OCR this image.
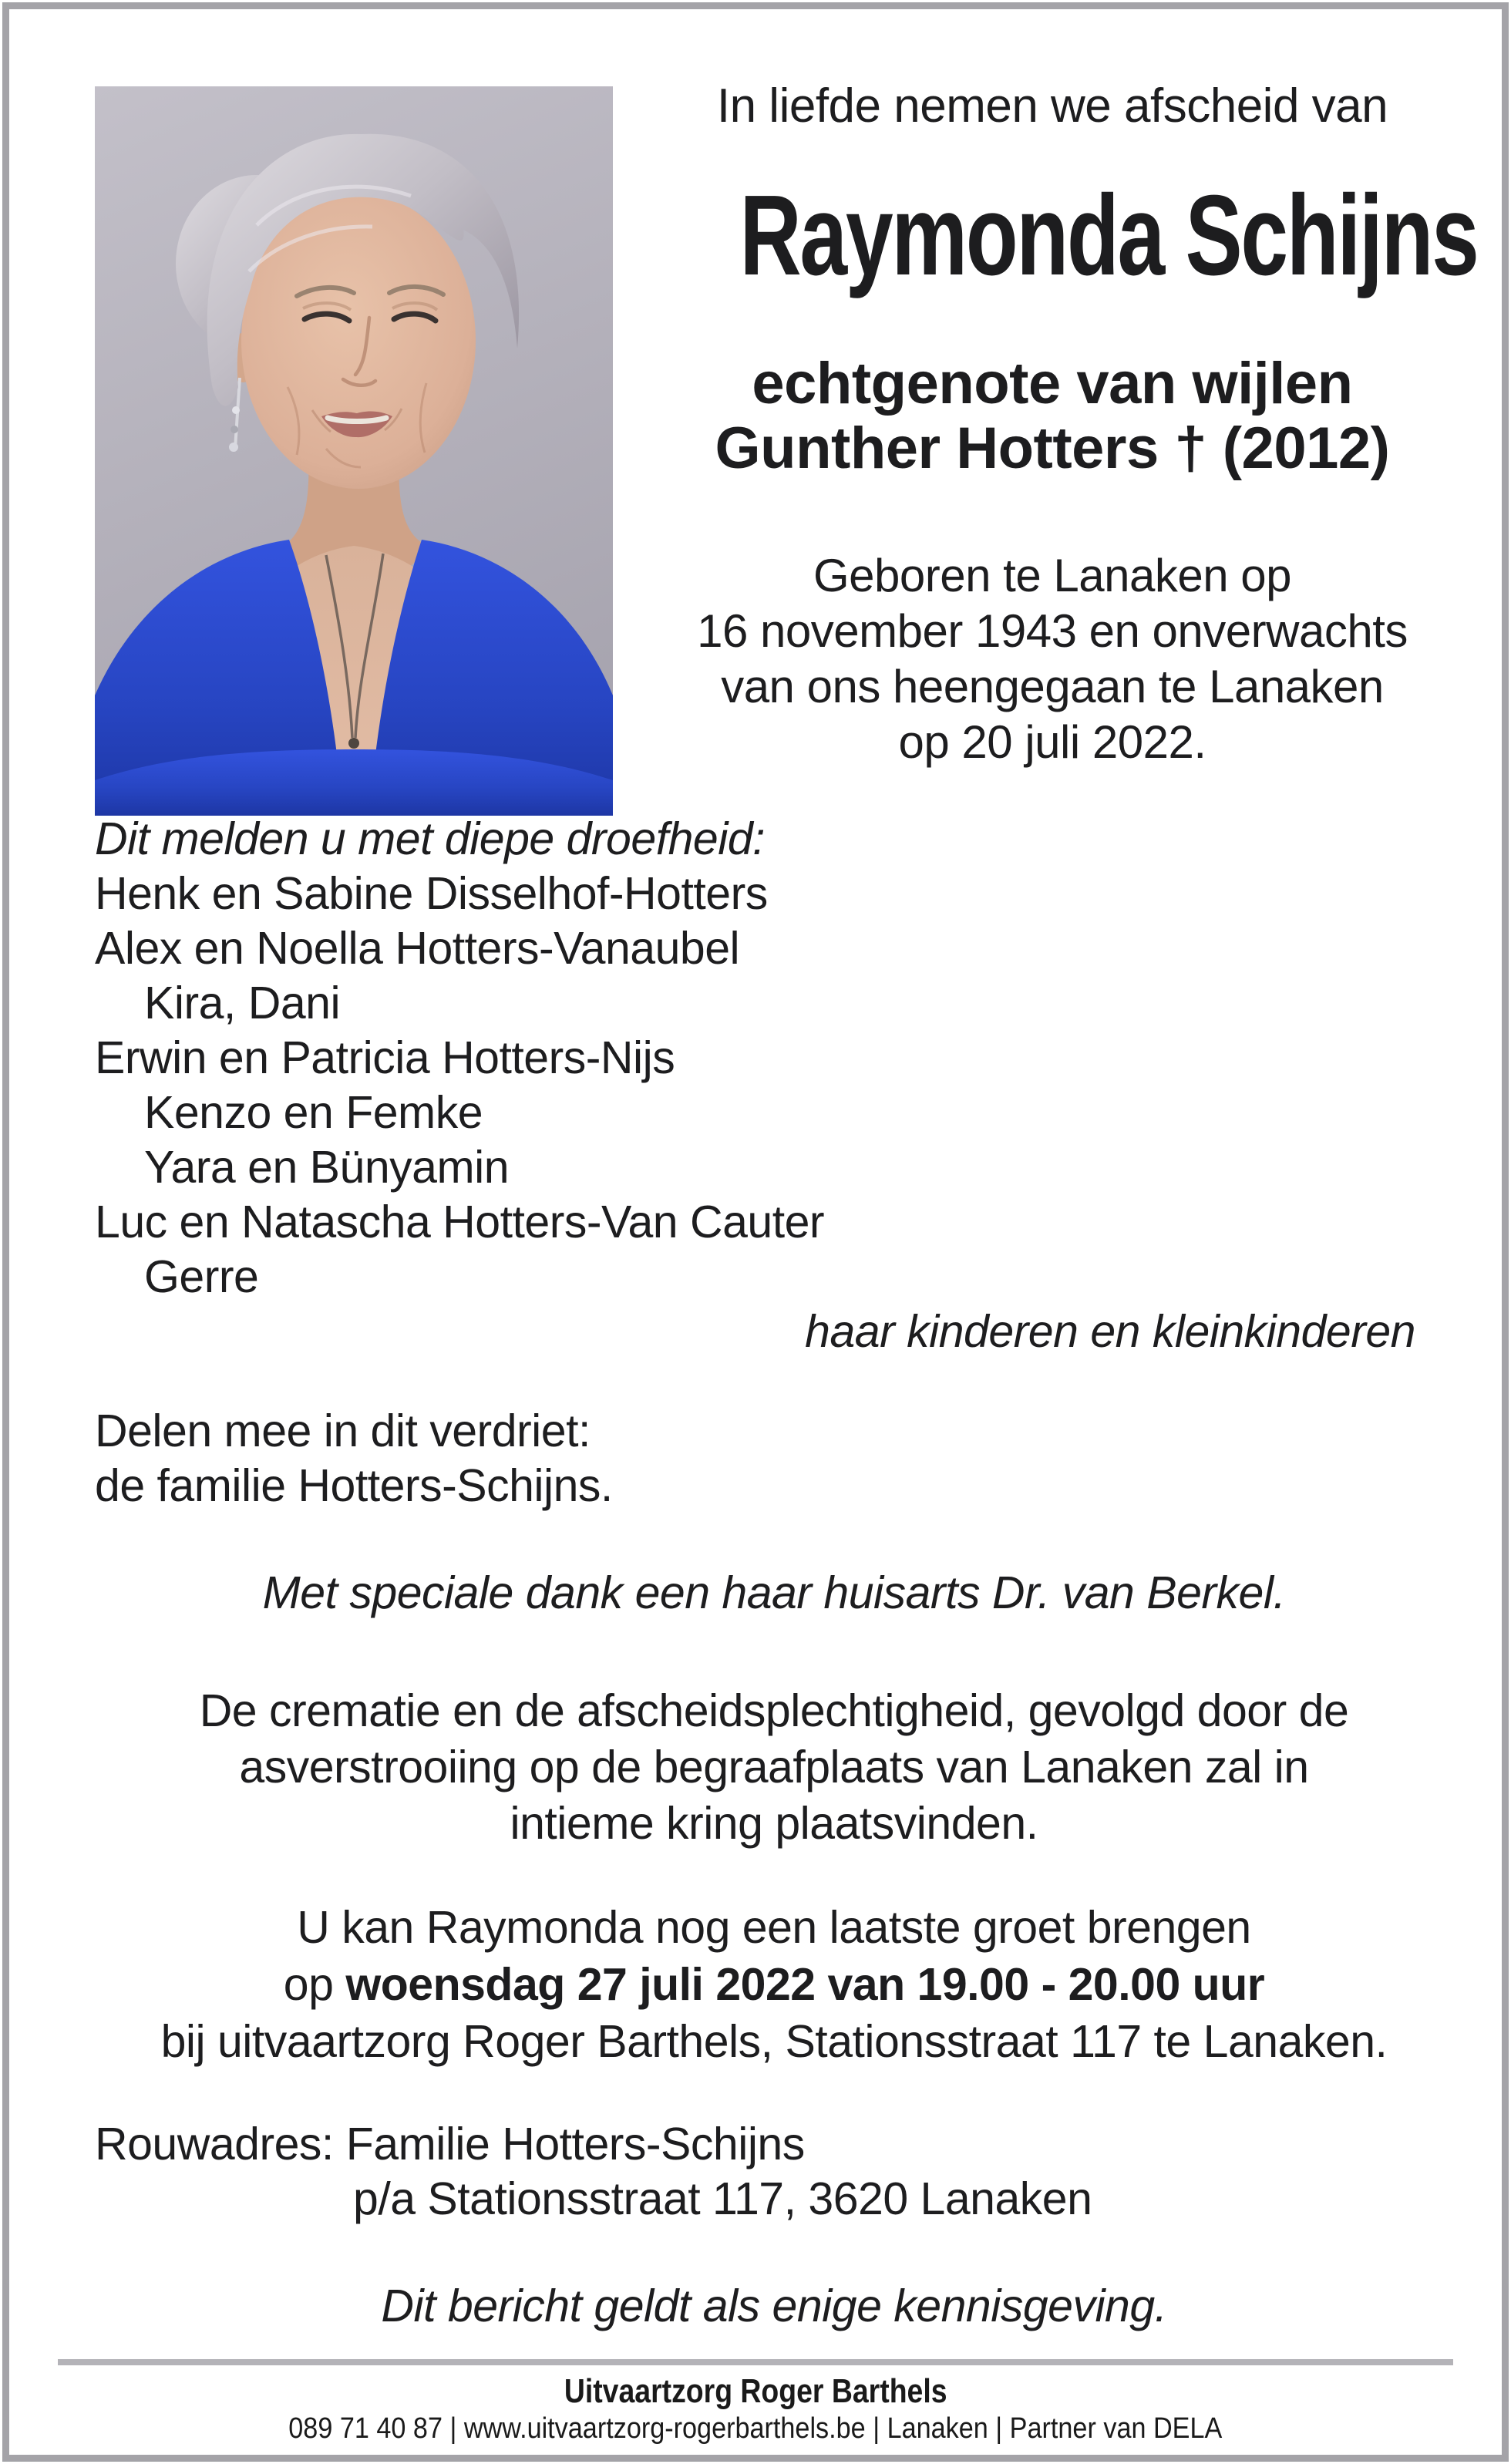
In liefde nemen we afscheid van
Raymonda Schijns
echtgenote van wijlen
Gunther Hotters † (2012)
Geboren te Lanaken op
16 november 1943 en onverwachts
van ons heengegaan te Lanaken
op 20 juli 2022.
Dit melden u met diepe droefheid:
Henk en Sabine Disselhof-Hotters
Alex en Noella Hotters-Vanaubel
Kira, Dani
Erwin en Patricia Hotters-Nijs
Kenzo en Femke
Yara en Bünyamin
Luc en Natascha Hotters-Van Cauter
Gerre
haar kinderen en kleinkinderen
Delen mee in dit verdriet:
de familie Hotters-Schijns.
Met speciale dank een haar huisarts Dr. van Berkel.
De crematie en de afscheidsplechtigheid, gevolgd door de
asverstrooiing op de begraafplaats van Lanaken zal in
intieme kring plaatsvinden.
U kan Raymonda nog een laatste groet brengen
op woensdag 27 juli 2022 van 19.00 - 20.00 uur
bij uitvaartzorg Roger Barthels, Stationsstraat 117 te Lanaken.
Rouwadres: Familie Hotters-Schijns
p/a Stationsstraat 117, 3620 Lanaken
Dit bericht geldt als enige kennisgeving.
Uitvaartzorg Roger Barthels
089 71 40 87 | www.uitvaartzorg-rogerbarthels.be | Lanaken | Partner van DELA
